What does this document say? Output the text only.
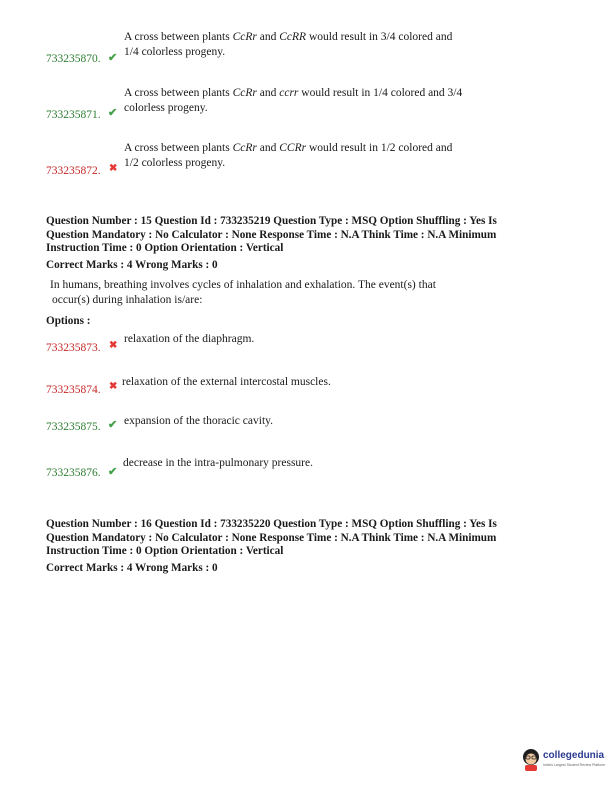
733235870. ✔
A cross between plants CcRr and CcRR would result in 3/4 colored and
1/4 colorless progeny.
733235871. ✔
A cross between plants CcRr and ccrr would result in 1/4 colored and 3/4
colorless progeny.
733235872. ✖
A cross between plants CcRr and CCRr would result in 1/2 colored and
1/2 colorless progeny.
Question Number : 15 Question Id : 733235219 Question Type : MSQ Option Shuffling : Yes Is
Question Mandatory : No Calculator : None Response Time : N.A Think Time : N.A Minimum
Instruction Time : 0 Option Orientation : Vertical
Correct Marks : 4 Wrong Marks : 0
In humans, breathing involves cycles of inhalation and exhalation. The event(s) that
occur(s) during inhalation is/are:
Options :
733235873. ✖
relaxation of the diaphragm.
733235874. ✖ relaxation of the external intercostal muscles.
733235875. ✔ expansion of the thoracic cavity.
733235876. ✔
decrease in the intra-pulmonary pressure.
Question Number : 16 Question Id : 733235220 Question Type : MSQ Option Shuffling : Yes Is
Question Mandatory : No Calculator : None Response Time : N.A Think Time : N.A Minimum
Instruction Time : 0 Option Orientation : Vertical
Correct Marks : 4 Wrong Marks : 0
collegedunia
India's Largest Student Review Platform
